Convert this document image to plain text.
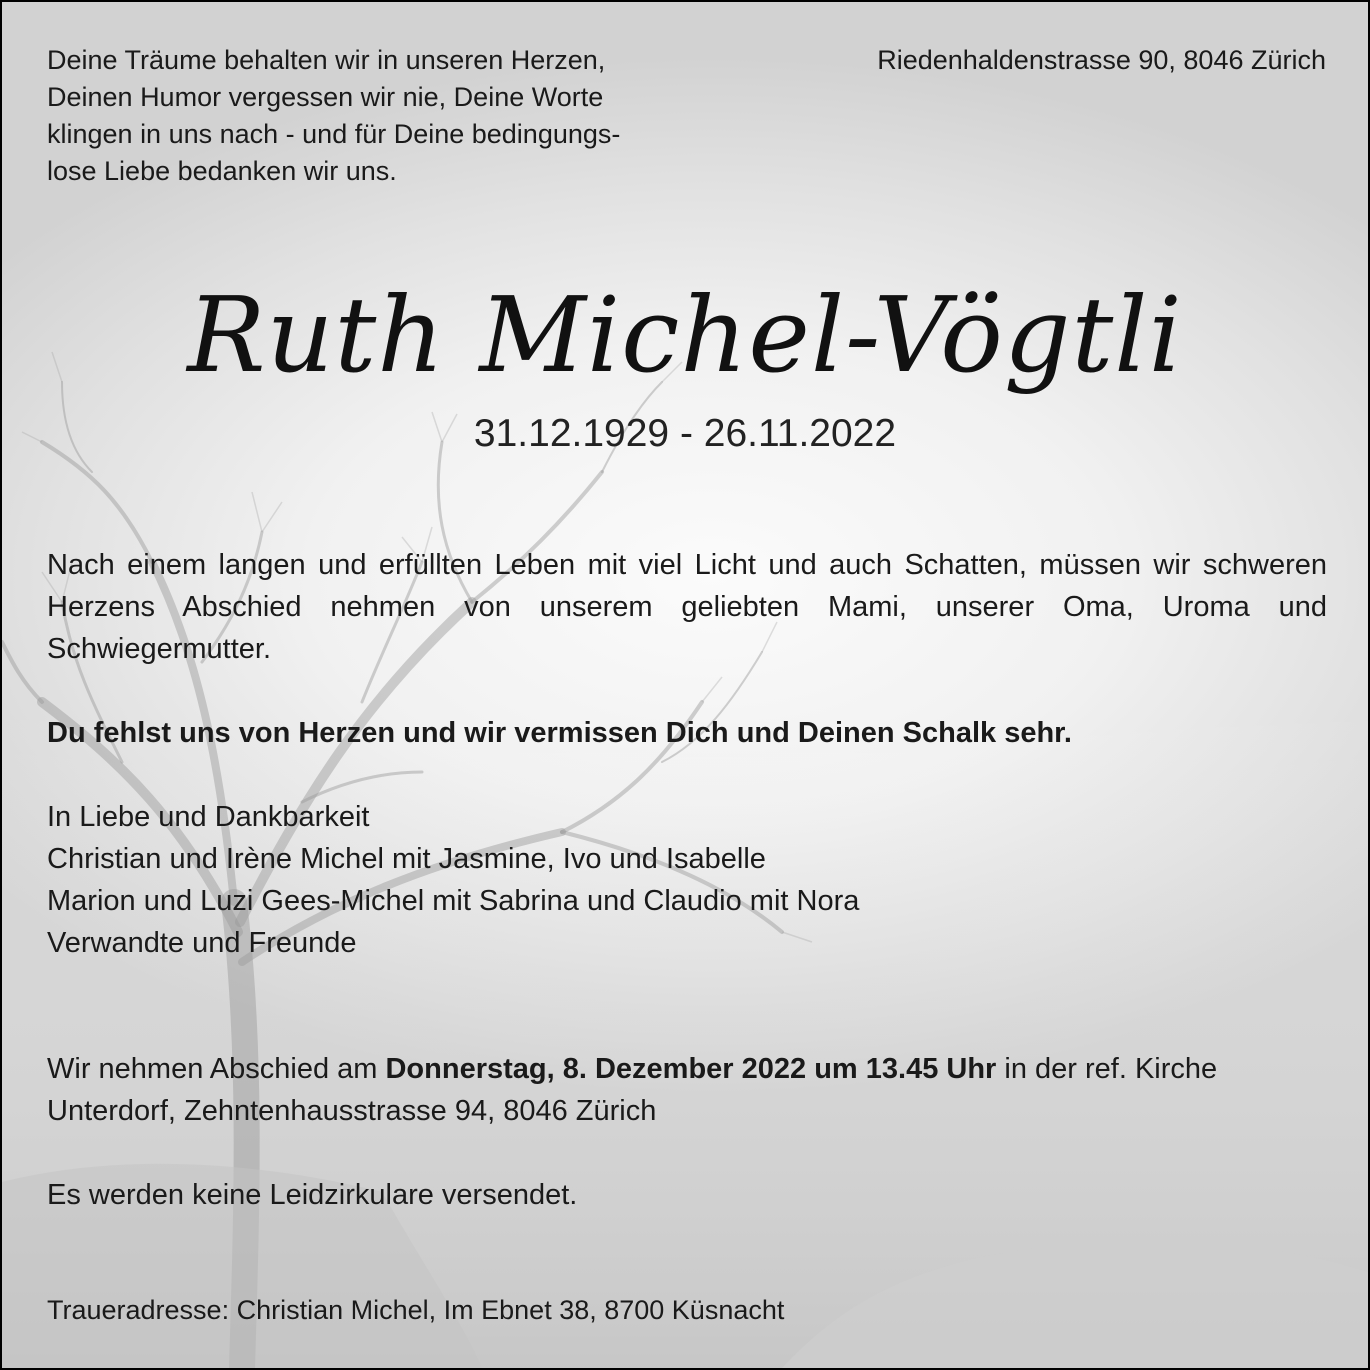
Deine Träume behalten wir in unseren Herzen,
Deinen Humor vergessen wir nie, Deine Worte
klingen in uns nach - und für Deine bedingungs-
lose Liebe bedanken wir uns.

Riedenhaldenstrasse 90, 8046 Zürich

Ruth Michel-Vögtli
31.12.1929 - 26.11.2022

Nach einem langen und erfüllten Leben mit viel Licht und auch Schatten, müssen wir schweren Herzens Abschied nehmen von unserem geliebten Mami, unserer Oma, Uroma und Schwiegermutter.

Du fehlst uns von Herzen und wir vermissen Dich und Deinen Schalk sehr.

In Liebe und Dankbarkeit
Christian und Irène Michel mit Jasmine, Ivo und Isabelle
Marion und Luzi Gees-Michel mit Sabrina und Claudio mit Nora
Verwandte und Freunde

Wir nehmen Abschied am Donnerstag, 8. Dezember 2022 um 13.45 Uhr in der ref. Kirche Unterdorf, Zehntenhausstrasse 94, 8046 Zürich

Es werden keine Leidzirkulare versendet.

Traueradresse: Christian Michel, Im Ebnet 38, 8700 Küsnacht
